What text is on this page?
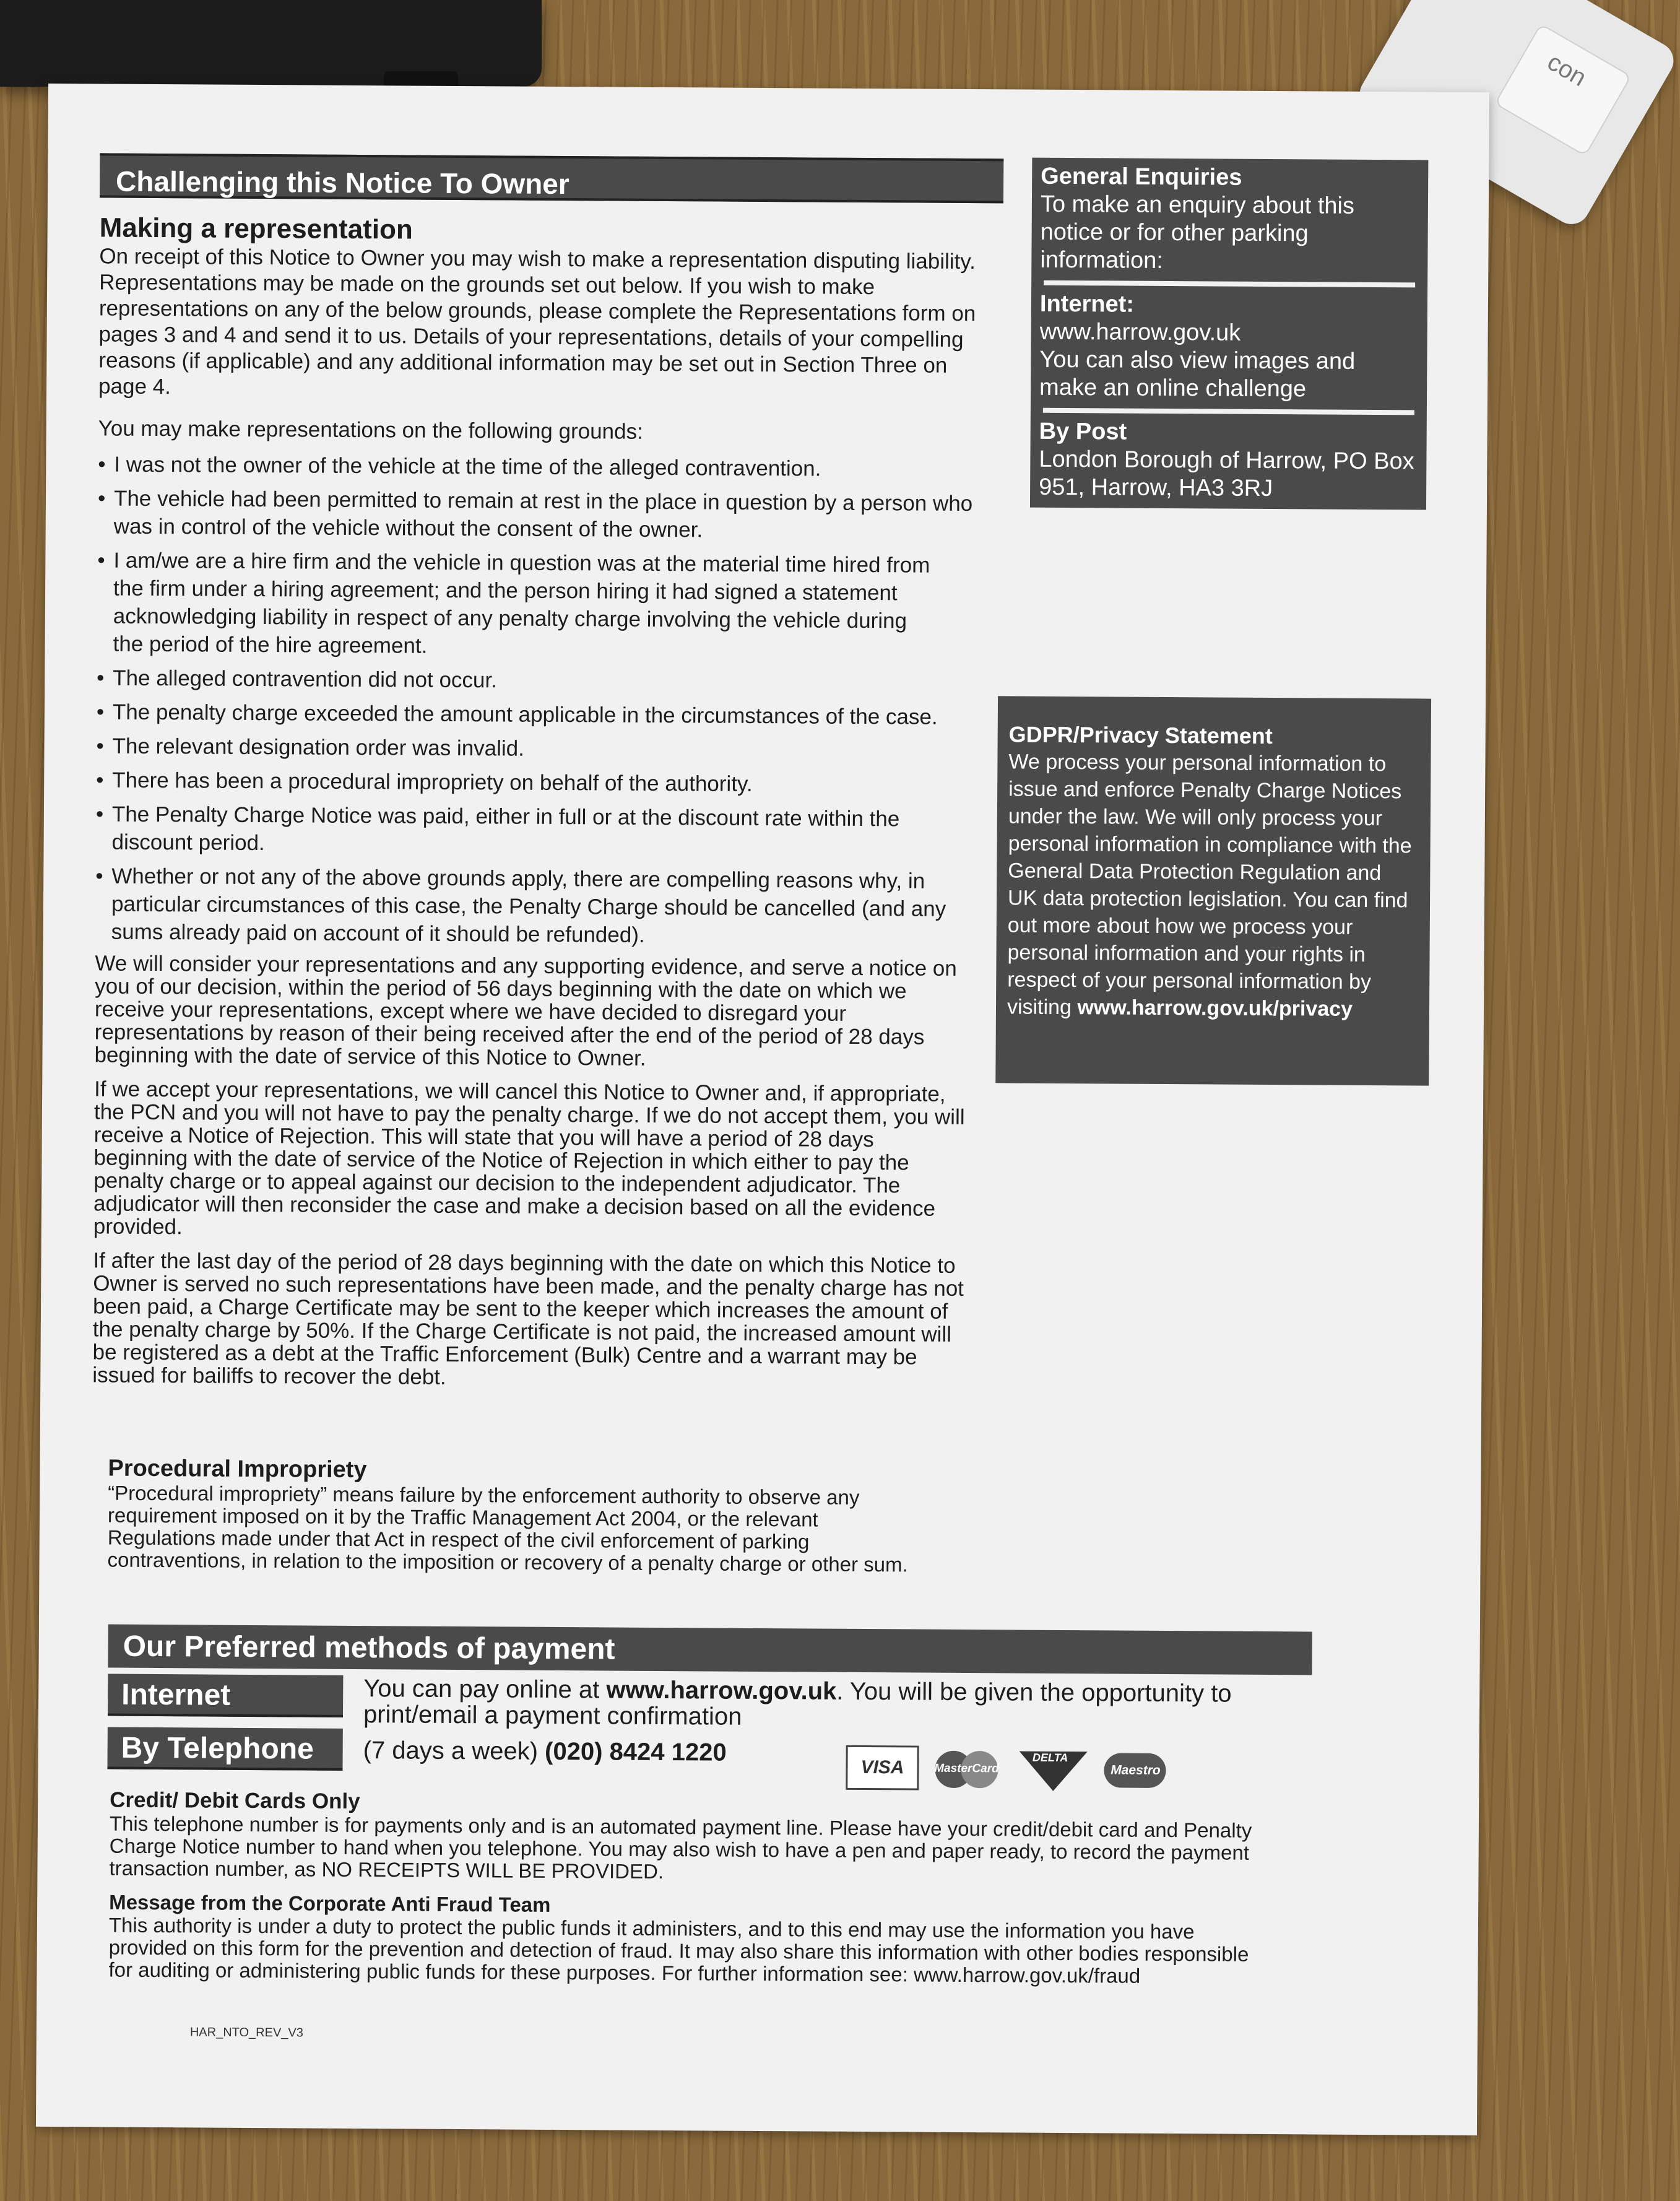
con
Challenging this Notice To Owner

Making a representation

On receipt of this Notice to Owner you may wish to make a representation disputing liability. Representations may be made on the grounds set out below. If you wish to make representations on any of the below grounds, please complete the Representations form on pages 3 and 4 and send it to us. Details of your representations, details of your compelling reasons (if applicable) and any additional information may be set out in Section Three on page 4.

You may make representations on the following grounds:

• I was not the owner of the vehicle at the time of the alleged contravention.
• The vehicle had been permitted to remain at rest in the place in question by a person who was in control of the vehicle without the consent of the owner.
• I am/we are a hire firm and the vehicle in question was at the material time hired from the firm under a hiring agreement; and the person hiring it had signed a statement acknowledging liability in respect of any penalty charge involving the vehicle during the period of the hire agreement.
• The alleged contravention did not occur.
• The penalty charge exceeded the amount applicable in the circumstances of the case.
• The relevant designation order was invalid.
• There has been a procedural impropriety on behalf of the authority.
• The Penalty Charge Notice was paid, either in full or at the discount rate within the discount period.
• Whether or not any of the above grounds apply, there are compelling reasons why, in particular circumstances of this case, the Penalty Charge should be cancelled (and any sums already paid on account of it should be refunded).

We will consider your representations and any supporting evidence, and serve a notice on you of our decision, within the period of 56 days beginning with the date on which we receive your representations, except where we have decided to disregard your representations by reason of their being received after the end of the period of 28 days beginning with the date of service of this Notice to Owner.

If we accept your representations, we will cancel this Notice to Owner and, if appropriate, the PCN and you will not have to pay the penalty charge. If we do not accept them, you will receive a Notice of Rejection. This will state that you will have a period of 28 days beginning with the date of service of the Notice of Rejection in which either to pay the penalty charge or to appeal against our decision to the independent adjudicator. The adjudicator will then reconsider the case and make a decision based on all the evidence provided.

If after the last day of the period of 28 days beginning with the date on which this Notice to Owner is served no such representations have been made, and the penalty charge has not been paid, a Charge Certificate may be sent to the keeper which increases the amount of the penalty charge by 50%. If the Charge Certificate is not paid, the increased amount will be registered as a debt at the Traffic Enforcement (Bulk) Centre and a warrant may be issued for bailiffs to recover the debt.

Procedural Impropriety

“Procedural impropriety” means failure by the enforcement authority to observe any requirement imposed on it by the Traffic Management Act 2004, or the relevant Regulations made under that Act in respect of the civil enforcement of parking contraventions, in relation to the imposition or recovery of a penalty charge or other sum.

General Enquiries
To make an enquiry about this notice or for other parking information:
Internet:
www.harrow.gov.uk
You can also view images and make an online challenge
By Post
London Borough of Harrow, PO Box 951, Harrow, HA3 3RJ
GDPR/Privacy Statement
We process your personal information to issue and enforce Penalty Charge Notices under the law. We will only process your personal information in compliance with the General Data Protection Regulation and UK data protection legislation. You can find out more about how we process your personal information and your rights in respect of your personal information by visiting www.harrow.gov.uk/privacy
Our Preferred methods of payment
Internet	You can pay online at www.harrow.gov.uk. You will be given the opportunity to print/email a payment confirmation
By Telephone	(7 days a week) (020) 8424 1220
VISA	MasterCard
DELTA
Maestro

Credit/ Debit Cards Only

This telephone number is for payments only and is an automated payment line. Please have your credit/debit card and Penalty Charge Notice number to hand when you telephone. You may also wish to have a pen and paper ready, to record the payment transaction number, as NO RECEIPTS WILL BE PROVIDED.

Message from the Corporate Anti Fraud Team

This authority is under a duty to protect the public funds it administers, and to this end may use the information you have provided on this form for the prevention and detection of fraud. It may also share this information with other bodies responsible for auditing or administering public funds for these purposes. For further information see: www.harrow.gov.uk/fraud

HAR_NTO_REV_V3
